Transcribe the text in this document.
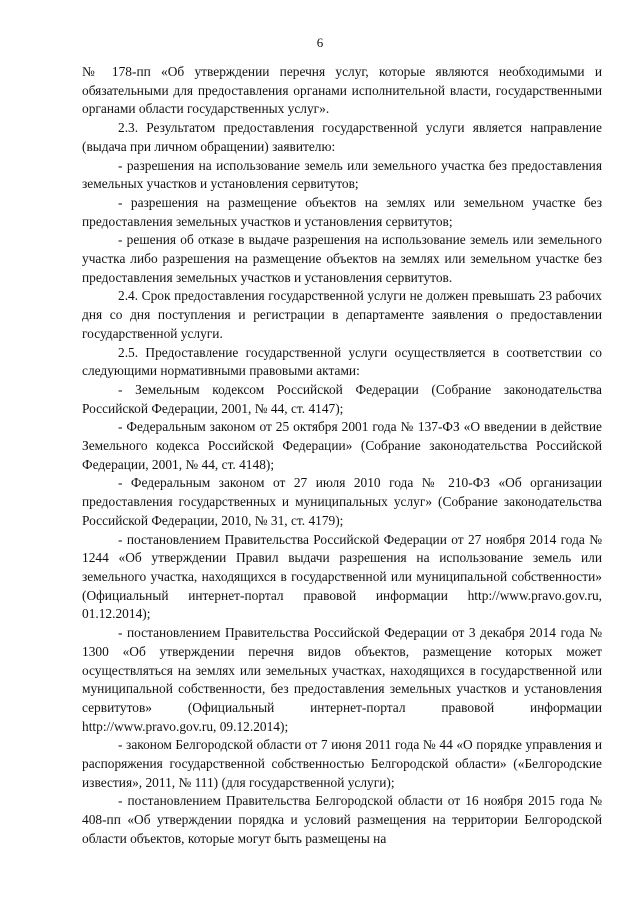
6

№ 178-пп «Об утверждении перечня услуг, которые являются необходимыми и обязательными для предоставления органами исполнительной власти, государственными органами области государственных услуг».

2.3. Результатом предоставления государственной услуги является направление (выдача при личном обращении) заявителю:

- разрешения на использование земель или земельного участка без предоставления земельных участков и установления сервитутов;

- разрешения на размещение объектов на землях или земельном участке без предоставления земельных участков и установления сервитутов;

- решения об отказе в выдаче разрешения на использование земель или земельного участка либо разрешения на размещение объектов на землях или земельном участке без предоставления земельных участков и установления сервитутов.

2.4. Срок предоставления государственной услуги не должен превышать 23 рабочих дня со дня поступления и регистрации в департаменте заявления о предоставлении государственной услуги.

2.5. Предоставление государственной услуги осуществляется в соответствии со следующими нормативными правовыми актами:

- Земельным кодексом Российской Федерации (Собрание законодательства Российской Федерации, 2001, № 44, ст. 4147);

- Федеральным законом от 25 октября 2001 года № 137-ФЗ «О введении в действие Земельного кодекса Российской Федерации» (Собрание законодательства Российской Федерации, 2001, № 44, ст. 4148);

- Федеральным законом от 27 июля 2010 года № 210-ФЗ «Об организации предоставления государственных и муниципальных услуг» (Собрание законодательства Российской Федерации, 2010, № 31, ст. 4179);

- постановлением Правительства Российской Федерации от 27 ноября 2014 года № 1244 «Об утверждении Правил выдачи разрешения на использование земель или земельного участка, находящихся в государственной или муниципальной собственности» (Официальный интернет-портал правовой информации http://www.pravo.gov.ru, 01.12.2014);

- постановлением Правительства Российской Федерации от 3 декабря 2014 года № 1300 «Об утверждении перечня видов объектов, размещение которых может осуществляться на землях или земельных участках, находящихся в государственной или муниципальной собственности, без предоставления земельных участков и установления сервитутов» (Официальный интернет-портал правовой информации http://www.pravo.gov.ru, 09.12.2014);

- законом Белгородской области от 7 июня 2011 года № 44 «О порядке управления и распоряжения государственной собственностью Белгородской области» («Белгородские известия», 2011, № 111) (для государственной услуги);

- постановлением Правительства Белгородской области от 16 ноября 2015 года № 408-пп «Об утверждении порядка и условий размещения на территории Белгородской области объектов, которые могут быть размещены на
